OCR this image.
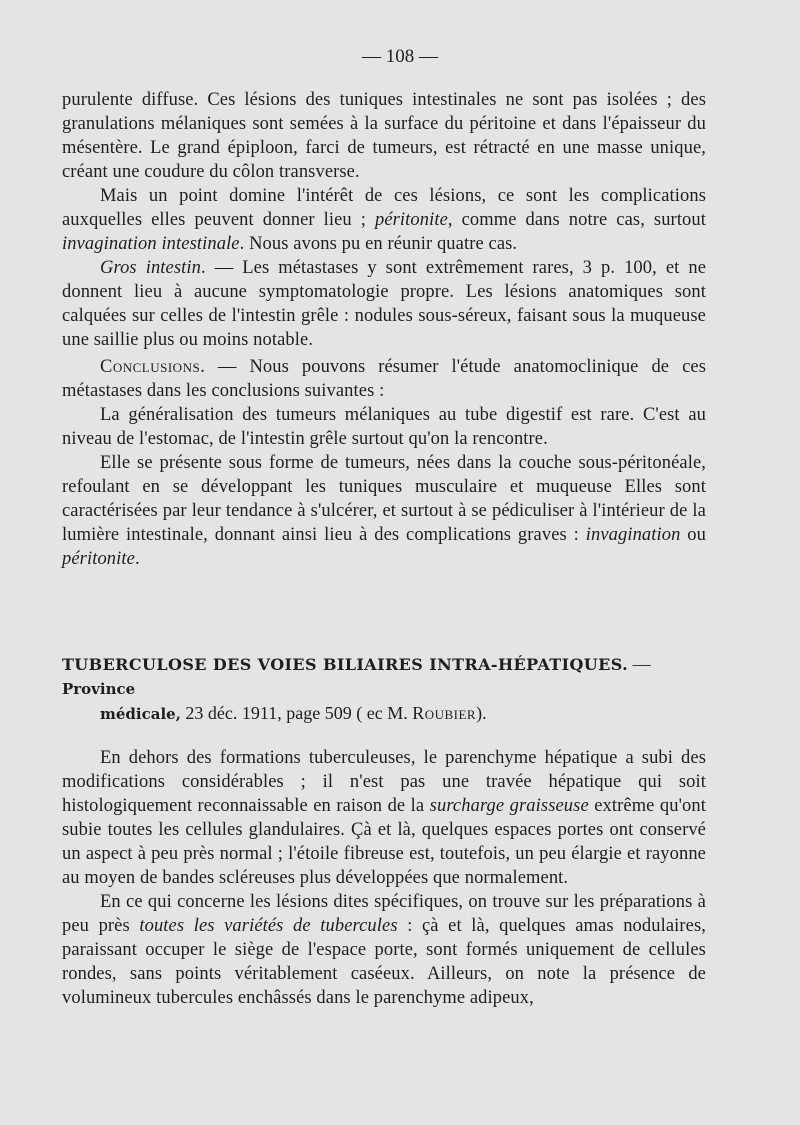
— 108 —

purulente diffuse. Ces lésions des tuniques intestinales ne sont pas isolées ; des granulations mélaniques sont semées à la surface du péritoine et dans l'épaisseur du mésentère. Le grand épiploon, farci de tumeurs, est rétracté en une masse unique, créant une coudure du côlon transverse.

Mais un point domine l'intérêt de ces lésions, ce sont les complications auxquelles elles peuvent donner lieu ; péritonite, comme dans notre cas, surtout invagination intestinale. Nous avons pu en réunir quatre cas.

Gros intestin. — Les métastases y sont extrêmement rares, 3 p. 100, et ne donnent lieu à aucune symptomatologie propre. Les lésions anatomiques sont calquées sur celles de l'intestin grêle : nodules sous-séreux, faisant sous la muqueuse une saillie plus ou moins notable.

Conclusions. — Nous pouvons résumer l'étude anatomoclinique de ces métastases dans les conclusions suivantes :

La généralisation des tumeurs mélaniques au tube digestif est rare. C'est au niveau de l'estomac, de l'intestin grêle surtout qu'on la rencontre.

Elle se présente sous forme de tumeurs, nées dans la couche sous-péritonéale, refoulant en se développant les tuniques musculaire et muqueuse Elles sont caractérisées par leur tendance à s'ulcérer, et surtout à se pédiculiser à l'intérieur de la lumière intestinale, donnant ainsi lieu à des complications graves : invagination ou péritonite.

TUBERCULOSE DES VOIES BILIAIRES INTRA-HÉPATIQUES. — Province
médicale, 23 déc. 1911, page 509 ( ec M. Roubier).

En dehors des formations tuberculeuses, le parenchyme hépatique a subi des modifications considérables ; il n'est pas une travée hépatique qui soit histologiquement reconnaissable en raison de la surcharge graisseuse extrême qu'ont subie toutes les cellules glandulaires. Çà et là, quelques espaces portes ont conservé un aspect à peu près normal ; l'étoile fibreuse est, toutefois, un peu élargie et rayonne au moyen de bandes scléreuses plus développées que normalement.

En ce qui concerne les lésions dites spécifiques, on trouve sur les préparations à peu près toutes les variétés de tubercules : çà et là, quelques amas nodulaires, paraissant occuper le siège de l'espace porte, sont formés uniquement de cellules rondes, sans points véritablement caséeux. Ailleurs, on note la présence de volumineux tubercules enchâssés dans le parenchyme adipeux,
